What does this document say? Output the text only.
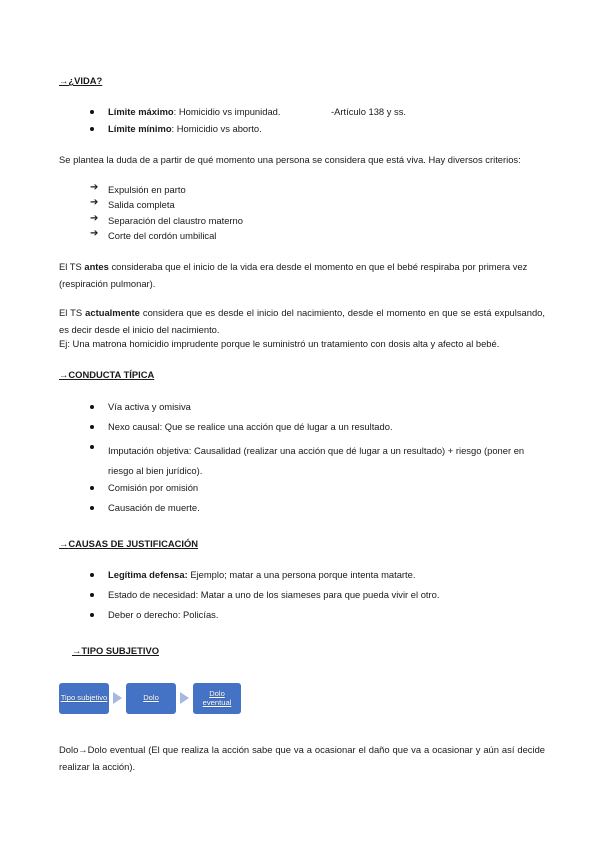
→¿VIDA?
Límite máximo: Homicidio vs impunidad.	-Artículo 138 y ss.
Límite mínimo: Homicidio vs aborto.
Se plantea la duda de a partir de qué momento una persona se considera que está viva. Hay diversos criterios:
➔ Expulsión en parto
➔ Salida completa
➔ Separación del claustro materno
➔ Corte del cordón umbilical
El TS antes consideraba que el inicio de la vida era desde el momento en que el bebé respiraba por primera vez (respiración pulmonar).
El TS actualmente considera que es desde el inicio del nacimiento, desde el momento en que se está expulsando, es decir desde el inicio del nacimiento.
Ej: Una matrona homicidio imprudente porque le suministró un tratamiento con dosis alta y afecto al bebé.
→CONDUCTA TÍPICA
Vía activa y omisiva
Nexo causal: Que se realice una acción que dé lugar a un resultado.
Imputación objetiva: Causalidad (realizar una acción que dé lugar a un resultado) + riesgo (poner en riesgo al bien jurídico).
Comisión por omisión
Causación de muerte.
→CAUSAS DE JUSTIFICACIÓN
Legítima defensa: Ejemplo; matar a una persona porque intenta matarte.
Estado de necesidad: Matar a uno de los siameses para que pueda vivir el otro.
Deber o derecho: Policías.
→TIPO SUBJETIVO
Tipo subjetivo	Dolo	Dolo eventual
Dolo→Dolo eventual (El que realiza la acción sabe que va a ocasionar el daño que va a ocasionar y aún así decide realizar la acción).
